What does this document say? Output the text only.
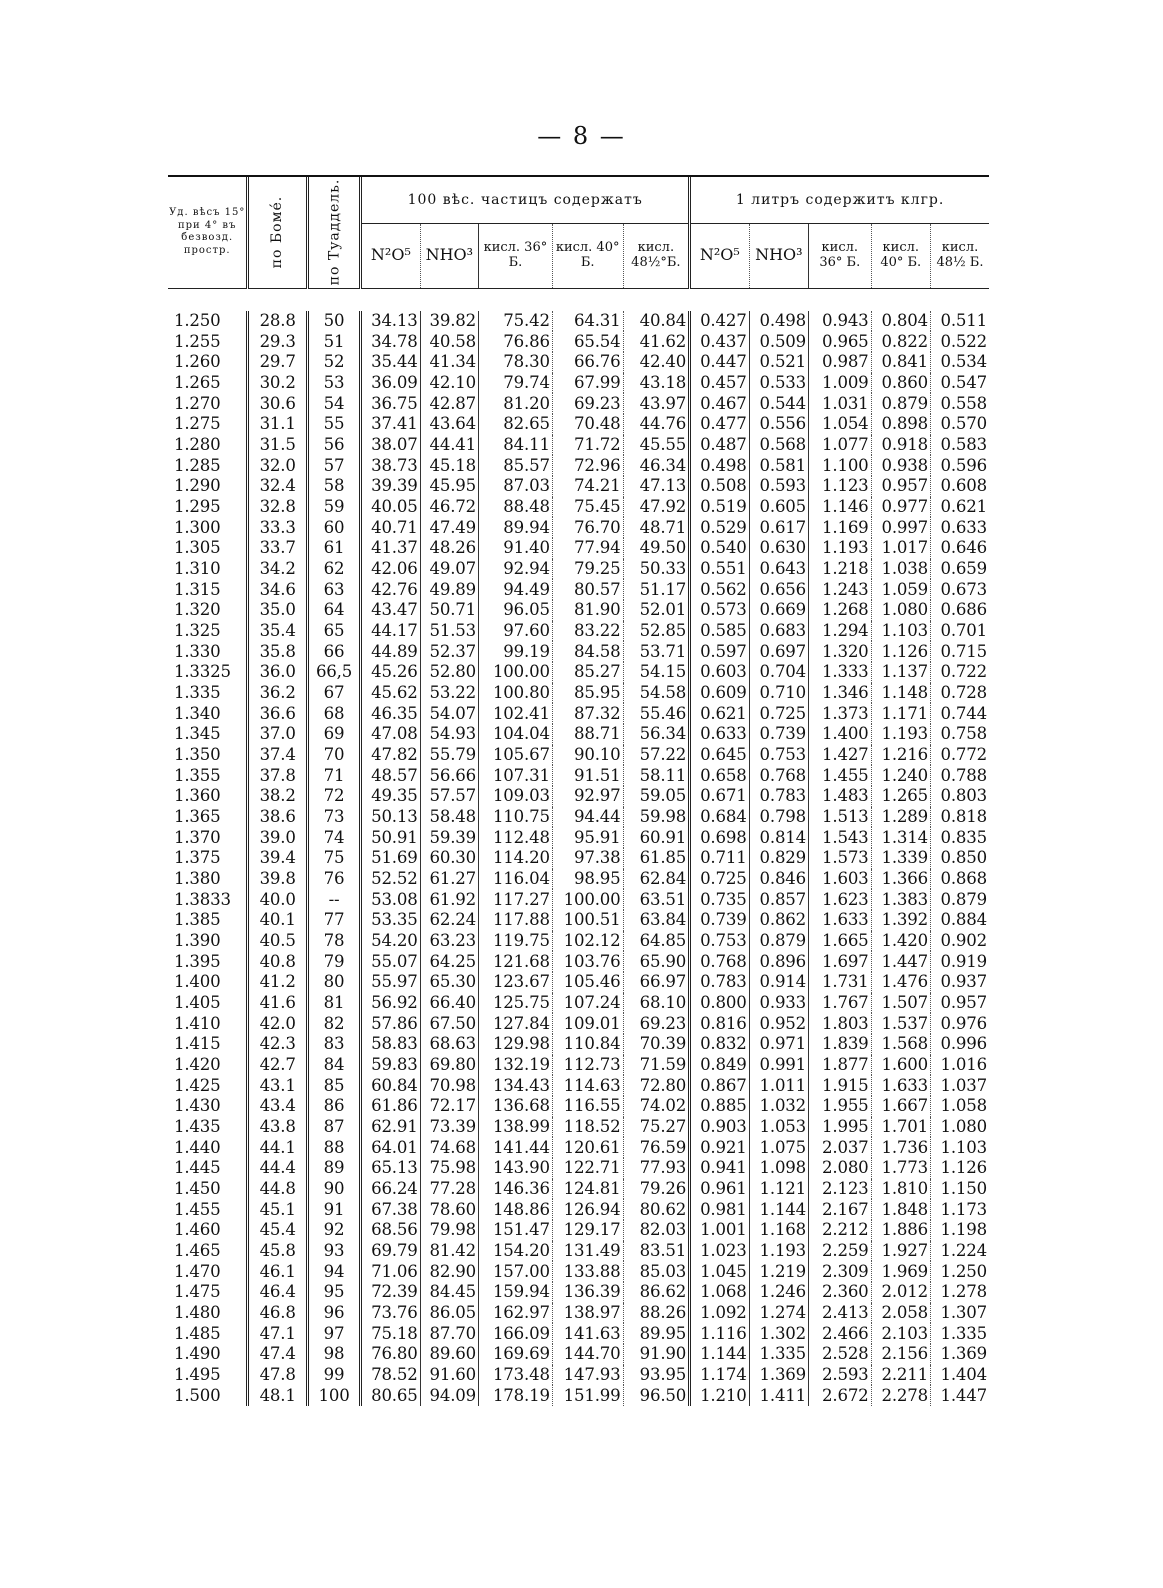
— 8 —
Уд. вѣсъ 15° при 4° въ безвозд. простр.	по Бомé.	по Туаддель.	100 вѣс. частицъ содержатъ					1 литръ содержитъ клгр.				
			N²O⁵	NHO³	кисл. 36° Б.	кисл. 40° Б.	кисл. 48½°Б.	N²O⁵	NHO³	кисл. 36° Б.	кисл. 40° Б.	кисл. 48½ Б.

1.250	28.8	50	34.13	39.82	75.42	64.31	40.84	0.427	0.498	0.943	0.804	0.511
1.255	29.3	51	34.78	40.58	76.86	65.54	41.62	0.437	0.509	0.965	0.822	0.522
1.260	29.7	52	35.44	41.34	78.30	66.76	42.40	0.447	0.521	0.987	0.841	0.534
1.265	30.2	53	36.09	42.10	79.74	67.99	43.18	0.457	0.533	1.009	0.860	0.547
1.270	30.6	54	36.75	42.87	81.20	69.23	43.97	0.467	0.544	1.031	0.879	0.558
1.275	31.1	55	37.41	43.64	82.65	70.48	44.76	0.477	0.556	1.054	0.898	0.570
1.280	31.5	56	38.07	44.41	84.11	71.72	45.55	0.487	0.568	1.077	0.918	0.583
1.285	32.0	57	38.73	45.18	85.57	72.96	46.34	0.498	0.581	1.100	0.938	0.596
1.290	32.4	58	39.39	45.95	87.03	74.21	47.13	0.508	0.593	1.123	0.957	0.608
1.295	32.8	59	40.05	46.72	88.48	75.45	47.92	0.519	0.605	1.146	0.977	0.621
1.300	33.3	60	40.71	47.49	89.94	76.70	48.71	0.529	0.617	1.169	0.997	0.633
1.305	33.7	61	41.37	48.26	91.40	77.94	49.50	0.540	0.630	1.193	1.017	0.646
1.310	34.2	62	42.06	49.07	92.94	79.25	50.33	0.551	0.643	1.218	1.038	0.659
1.315	34.6	63	42.76	49.89	94.49	80.57	51.17	0.562	0.656	1.243	1.059	0.673
1.320	35.0	64	43.47	50.71	96.05	81.90	52.01	0.573	0.669	1.268	1.080	0.686
1.325	35.4	65	44.17	51.53	97.60	83.22	52.85	0.585	0.683	1.294	1.103	0.701
1.330	35.8	66	44.89	52.37	99.19	84.58	53.71	0.597	0.697	1.320	1.126	0.715
1.3325	36.0	66,5	45.26	52.80	100.00	85.27	54.15	0.603	0.704	1.333	1.137	0.722
1.335	36.2	67	45.62	53.22	100.80	85.95	54.58	0.609	0.710	1.346	1.148	0.728
1.340	36.6	68	46.35	54.07	102.41	87.32	55.46	0.621	0.725	1.373	1.171	0.744
1.345	37.0	69	47.08	54.93	104.04	88.71	56.34	0.633	0.739	1.400	1.193	0.758
1.350	37.4	70	47.82	55.79	105.67	90.10	57.22	0.645	0.753	1.427	1.216	0.772
1.355	37.8	71	48.57	56.66	107.31	91.51	58.11	0.658	0.768	1.455	1.240	0.788
1.360	38.2	72	49.35	57.57	109.03	92.97	59.05	0.671	0.783	1.483	1.265	0.803
1.365	38.6	73	50.13	58.48	110.75	94.44	59.98	0.684	0.798	1.513	1.289	0.818
1.370	39.0	74	50.91	59.39	112.48	95.91	60.91	0.698	0.814	1.543	1.314	0.835
1.375	39.4	75	51.69	60.30	114.20	97.38	61.85	0.711	0.829	1.573	1.339	0.850
1.380	39.8	76	52.52	61.27	116.04	98.95	62.84	0.725	0.846	1.603	1.366	0.868
1.3833	40.0	--	53.08	61.92	117.27	100.00	63.51	0.735	0.857	1.623	1.383	0.879
1.385	40.1	77	53.35	62.24	117.88	100.51	63.84	0.739	0.862	1.633	1.392	0.884
1.390	40.5	78	54.20	63.23	119.75	102.12	64.85	0.753	0.879	1.665	1.420	0.902
1.395	40.8	79	55.07	64.25	121.68	103.76	65.90	0.768	0.896	1.697	1.447	0.919
1.400	41.2	80	55.97	65.30	123.67	105.46	66.97	0.783	0.914	1.731	1.476	0.937
1.405	41.6	81	56.92	66.40	125.75	107.24	68.10	0.800	0.933	1.767	1.507	0.957
1.410	42.0	82	57.86	67.50	127.84	109.01	69.23	0.816	0.952	1.803	1.537	0.976
1.415	42.3	83	58.83	68.63	129.98	110.84	70.39	0.832	0.971	1.839	1.568	0.996
1.420	42.7	84	59.83	69.80	132.19	112.73	71.59	0.849	0.991	1.877	1.600	1.016
1.425	43.1	85	60.84	70.98	134.43	114.63	72.80	0.867	1.011	1.915	1.633	1.037
1.430	43.4	86	61.86	72.17	136.68	116.55	74.02	0.885	1.032	1.955	1.667	1.058
1.435	43.8	87	62.91	73.39	138.99	118.52	75.27	0.903	1.053	1.995	1.701	1.080
1.440	44.1	88	64.01	74.68	141.44	120.61	76.59	0.921	1.075	2.037	1.736	1.103
1.445	44.4	89	65.13	75.98	143.90	122.71	77.93	0.941	1.098	2.080	1.773	1.126
1.450	44.8	90	66.24	77.28	146.36	124.81	79.26	0.961	1.121	2.123	1.810	1.150
1.455	45.1	91	67.38	78.60	148.86	126.94	80.62	0.981	1.144	2.167	1.848	1.173
1.460	45.4	92	68.56	79.98	151.47	129.17	82.03	1.001	1.168	2.212	1.886	1.198
1.465	45.8	93	69.79	81.42	154.20	131.49	83.51	1.023	1.193	2.259	1.927	1.224
1.470	46.1	94	71.06	82.90	157.00	133.88	85.03	1.045	1.219	2.309	1.969	1.250
1.475	46.4	95	72.39	84.45	159.94	136.39	86.62	1.068	1.246	2.360	2.012	1.278
1.480	46.8	96	73.76	86.05	162.97	138.97	88.26	1.092	1.274	2.413	2.058	1.307
1.485	47.1	97	75.18	87.70	166.09	141.63	89.95	1.116	1.302	2.466	2.103	1.335
1.490	47.4	98	76.80	89.60	169.69	144.70	91.90	1.144	1.335	2.528	2.156	1.369
1.495	47.8	99	78.52	91.60	173.48	147.93	93.95	1.174	1.369	2.593	2.211	1.404
1.500	48.1	100	80.65	94.09	178.19	151.99	96.50	1.210	1.411	2.672	2.278	1.447
